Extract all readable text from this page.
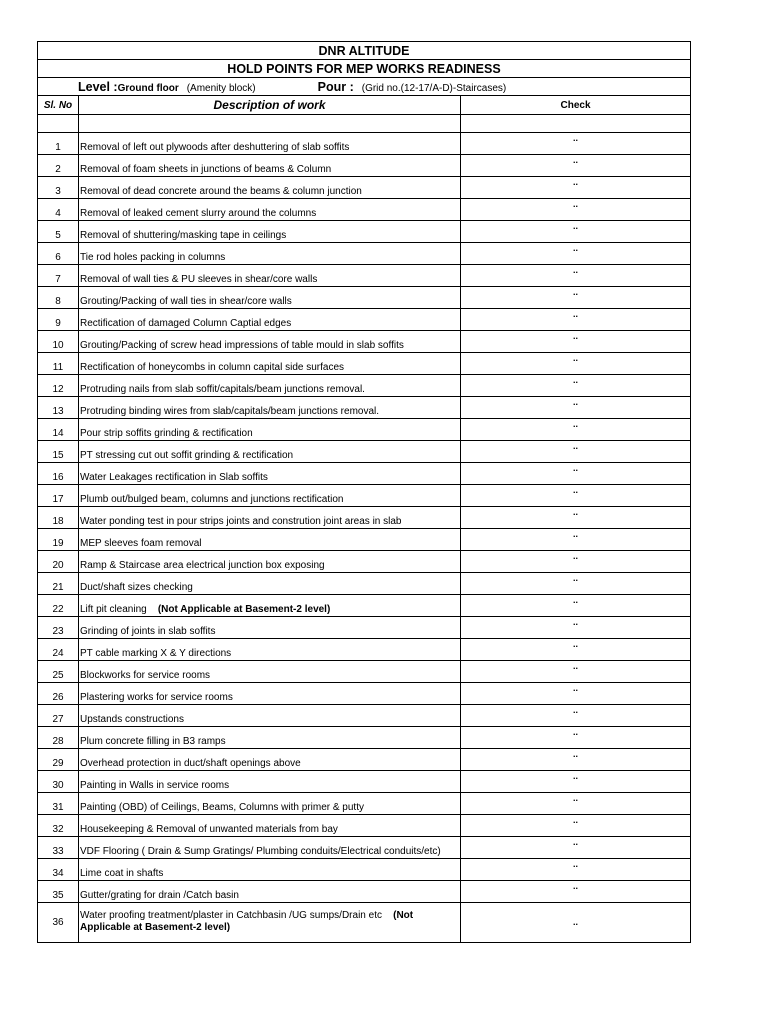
DNR ALTITUDE		
HOLD POINTS FOR MEP WORKS READINESS		
Level :Ground floor (Amenity block) Pour : (Grid no.(12-17/A-D)-Staircases)		
Sl. No	Description of work	Check

1	Removal of left out plywoods after deshuttering of slab soffits	..
2	Removal of foam sheets in junctions of beams & Column	..
3	Removal of dead concrete around the beams & column junction	..
4	Removal of leaked cement slurry around the columns	..
5	Removal of shuttering/masking tape in ceilings	..
6	Tie rod holes packing in columns	..
7	Removal of wall ties & PU sleeves in shear/core walls	..
8	Grouting/Packing of wall ties in shear/core walls	..
9	Rectification of damaged Column Captial edges	..
10	Grouting/Packing of screw head impressions of table mould in slab soffits	..
11	Rectification of honeycombs in column capital side surfaces	..
12	Protruding nails from slab soffit/capitals/beam junctions removal.	..
13	Protruding binding wires from slab/capitals/beam junctions removal.	..
14	Pour strip soffits grinding & rectification	..
15	PT stressing cut out soffit grinding & rectification	..
16	Water Leakages rectification in Slab soffits	..
17	Plumb out/bulged beam, columns and junctions rectification	..
18	Water ponding test in pour strips joints and constrution joint areas in slab	..
19	MEP sleeves foam removal	..
20	Ramp & Staircase area electrical junction box exposing	..
21	Duct/shaft sizes checking	..
22	Lift pit cleaning (Not Applicable at Basement-2 level)	..
23	Grinding of joints in slab soffits	..
24	PT cable marking X & Y directions	..
25	Blockworks for service rooms	..
26	Plastering works for service rooms	..
27	Upstands constructions	..
28	Plum concrete filling in B3 ramps	..
29	Overhead protection in duct/shaft openings above	..
30	Painting in Walls in service rooms	..
31	Painting (OBD) of Ceilings, Beams, Columns with primer & putty	..
32	Housekeeping & Removal of unwanted materials from bay	..
33	VDF Flooring ( Drain & Sump Gratings/ Plumbing conduits/Electrical conduits/etc)	..
34	Lime coat in shafts	..
35	Gutter/grating for drain /Catch basin	..
36	Water proofing treatment/plaster in Catchbasin /UG sumps/Drain etc (Not Applicable at Basement-2 level)	..
